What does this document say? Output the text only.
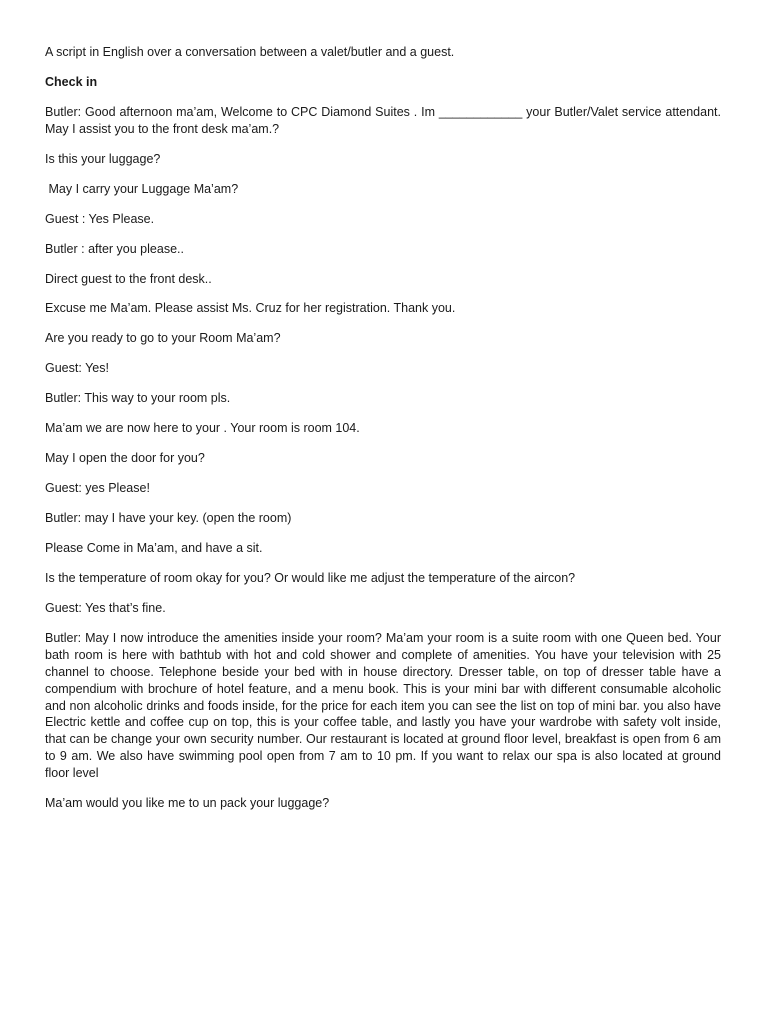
A script in English over a conversation between a valet/butler and a guest.

Check in

Butler: Good afternoon ma’am, Welcome to CPC Diamond Suites . Im ____________ your Butler/Valet service attendant. May I assist you to the front desk ma’am.?

Is this your luggage?

May I carry your Luggage Ma’am?

Guest : Yes Please.

Butler : after you please..

Direct guest to the front desk..

Excuse me Ma’am. Please assist Ms. Cruz for her registration. Thank you.

Are you ready to go to your Room Ma’am?

Guest: Yes!

Butler: This way to your room pls.

Ma’am we are now here to your . Your room is room 104.

May I open the door for you?

Guest: yes Please!

Butler: may I have your key. (open the room)

Please Come in Ma’am, and have a sit.

Is the temperature of room okay for you? Or would like me adjust the temperature of the aircon?

Guest: Yes that’s fine.

Butler: May I now introduce the amenities inside your room? Ma’am your room is a suite room with one Queen bed. Your bath room is here with bathtub with hot and cold shower and complete of amenities. You have your television with 25 channel to choose. Telephone beside your bed with in house directory. Dresser table, on top of dresser table have a compendium with brochure of hotel feature, and a menu book. This is your mini bar with different consumable alcoholic and non alcoholic drinks and foods inside, for the price for each item you can see the list on top of mini bar. you also have Electric kettle and coffee cup on top, this is your coffee table, and lastly you have your wardrobe with safety volt inside, that can be change your own security number. Our restaurant is located at ground floor level, breakfast is open from 6 am to 9 am. We also have swimming pool open from 7 am to 10 pm. If you want to relax our spa is also located at ground floor level

Ma’am would you like me to un pack your luggage?
